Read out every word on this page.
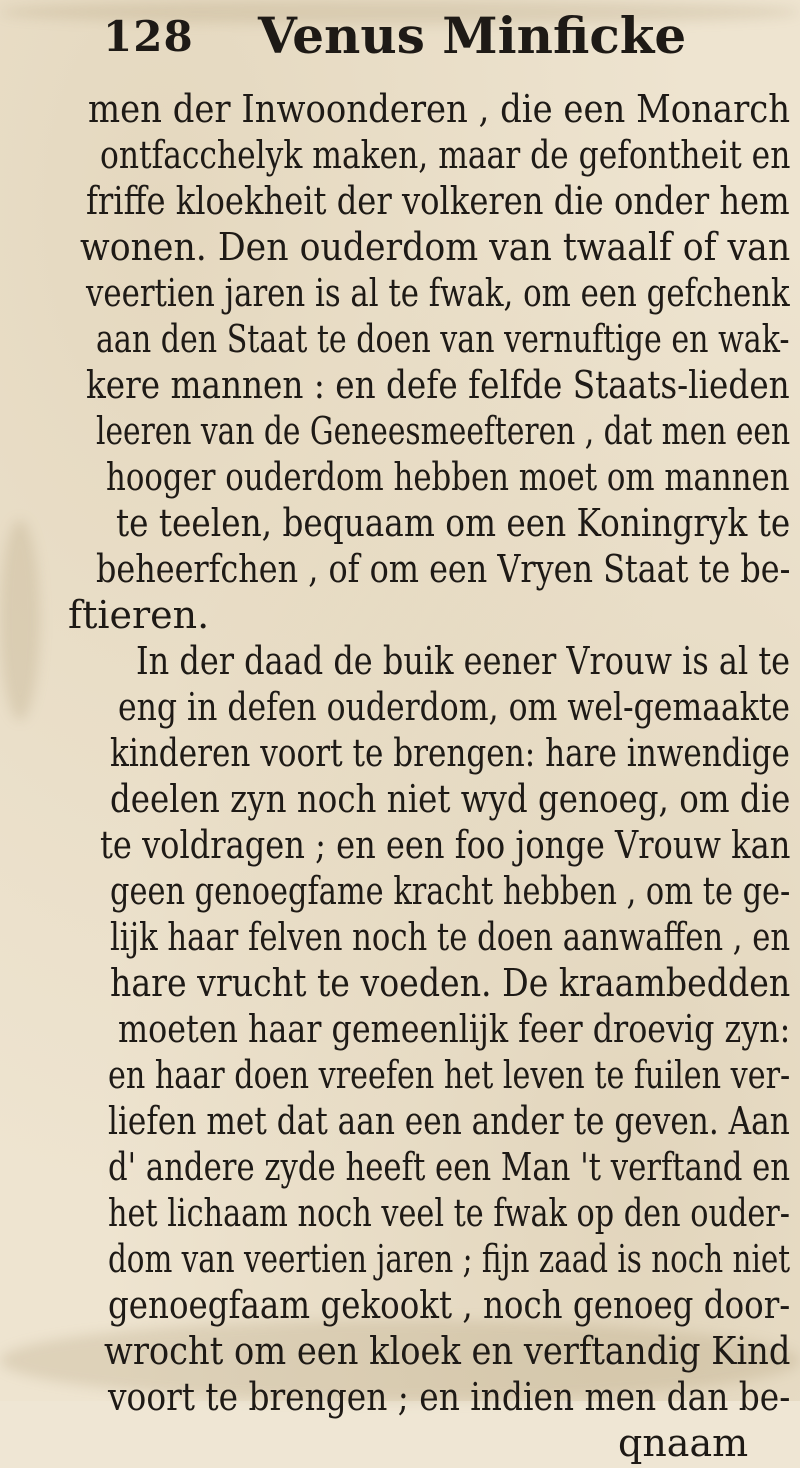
128 Venus Minficke
men der Inwoonderen , die een Monarch
ontfacchelyk maken, maar de gefontheit en
friffe kloekheit der volkeren die onder hem
wonen. Den ouderdom van twaalf of van
veertien jaren is al te fwak, om een gefchenk
aan den Staat te doen van vernuftige en wak-
kere mannen : en defe felfde Staats-lieden
leeren van de Geneesmeefteren , dat men een
hooger ouderdom hebben moet om mannen
te teelen, bequaam om een Koningryk te
beheerfchen , of om een Vryen Staat te be-
ftieren.
In der daad de buik eener Vrouw is al te
eng in defen ouderdom, om wel-gemaakte
kinderen voort te brengen: hare inwendige
deelen zyn noch niet wyd genoeg, om die
te voldragen ; en een foo jonge Vrouw kan
geen genoegfame kracht hebben , om te ge-
lijk haar felven noch te doen aanwaffen , en
hare vrucht te voeden. De kraambedden
moeten haar gemeenlijk feer droevig zyn:
en haar doen vreefen het leven te fuilen ver-
liefen met dat aan een ander te geven. Aan
d' andere zyde heeft een Man 't verftand en
het lichaam noch veel te fwak op den ouder-
dom van veertien jaren ; fijn zaad is noch niet
genoegfaam gekookt , noch genoeg door-
wrocht om een kloek en verftandig Kind
voort te brengen ; en indien men dan be-
qnaam
